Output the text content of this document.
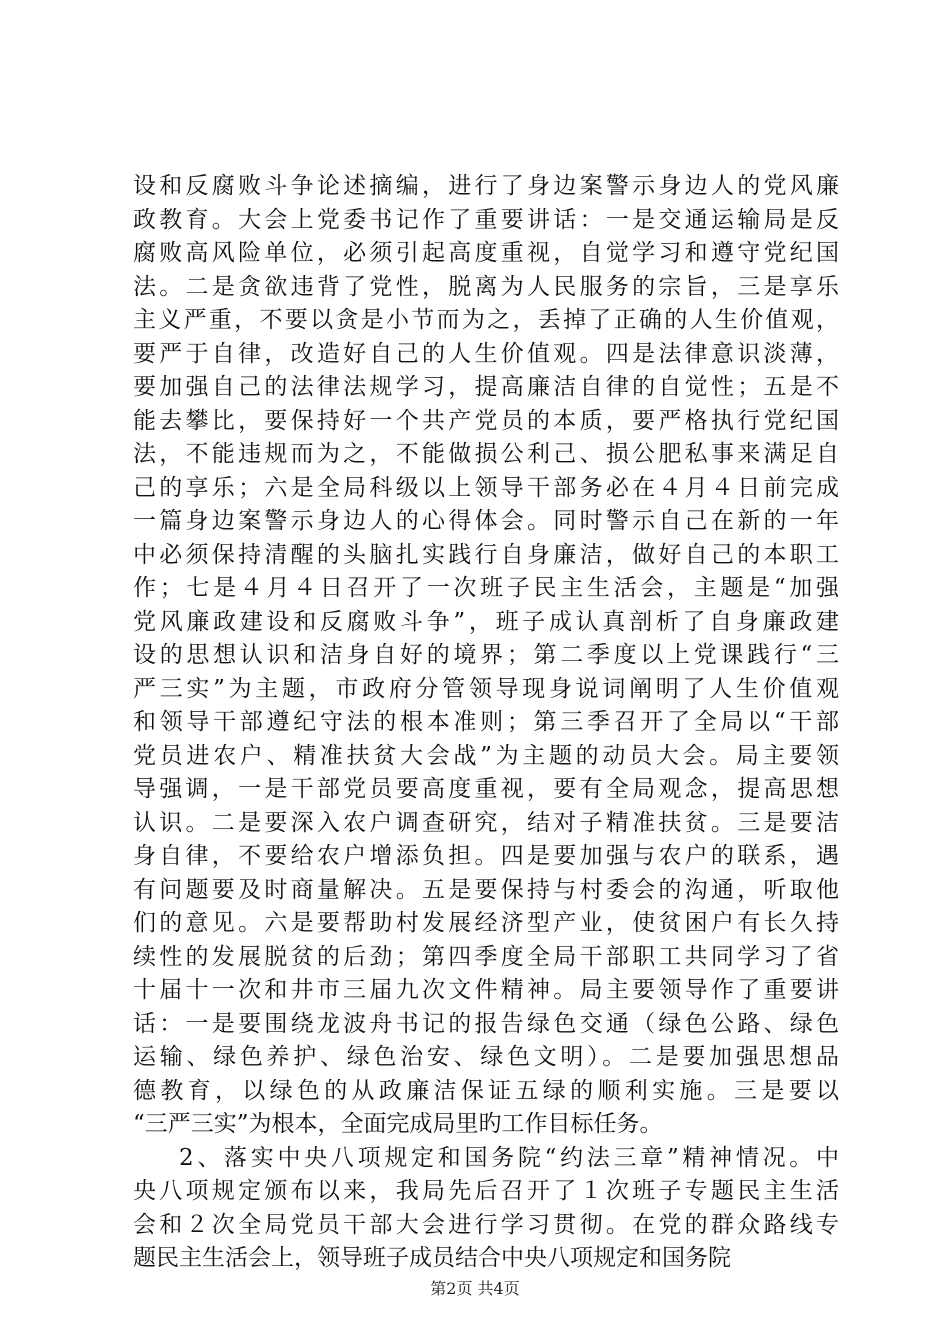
设和反腐败斗争论述摘编，进行了身边案警示身边人的党风廉
政教育。大会上党委书记作了重要讲话：一是交通运输局是反
腐败高风险单位，必须引起高度重视，自觉学习和遵守党纪国
法。二是贪欲违背了党性，脱离为人民服务的宗旨，三是享乐
主义严重，不要以贪是小节而为之，丢掉了正确的人生价值观，
要严于自律，改造好自己的人生价值观。四是法律意识淡薄，
要加强自己的法律法规学习，提高廉洁自律的自觉性；五是不
能去攀比，要保持好一个共产党员的本质，要严格执行党纪国
法，不能违规而为之，不能做损公利己、损公肥私事来满足自
己的享乐；六是全局科级以上领导干部务必在４月４日前完成
一篇身边案警示身边人的心得体会。同时警示自己在新的一年
中必须保持清醒的头脑扎实践行自身廉洁，做好自己的本职工
作；七是４月４日召开了一次班子民主生活会，主题是“加强
党风廉政建设和反腐败斗争”，班子成认真剖析了自身廉政建
设的思想认识和洁身自好的境界；第二季度以上党课践行“三
严三实”为主题，市政府分管领导现身说词阐明了人生价值观
和领导干部遵纪守法的根本准则；第三季召开了全局以“干部
党员进农户、精准扶贫大会战”为主题的动员大会。局主要领
导强调，一是干部党员要高度重视，要有全局观念，提高思想
认识。二是要深入农户调查研究，结对子精准扶贫。三是要洁
身自律，不要给农户增添负担。四是要加强与农户的联系，遇
有问题要及时商量解决。五是要保持与村委会的沟通，听取他
们的意见。六是要帮助村发展经济型产业，使贫困户有长久持
续性的发展脱贫的后劲；第四季度全局干部职工共同学习了省
十届十一次和井市三届九次文件精神。局主要领导作了重要讲
话：一是要围绕龙波舟书记的报告绿色交通（绿色公路、绿色
运输、绿色养护、绿色治安、绿色文明）。二是要加强思想品
德教育，以绿色的从政廉洁保证五绿的顺利实施。三是要以
“三严三实”为根本，全面完成局里旳工作目标任务。
2、落实中央八项规定和国务院“约法三章”精神情况。中
央八项规定颁布以来，我局先后召开了１次班子专题民主生活
会和２次全局党员干部大会进行学习贯彻。在党的群众路线专
题民主生活会上，领导班子成员结合中央八项规定和国务院
第2页 共4页
